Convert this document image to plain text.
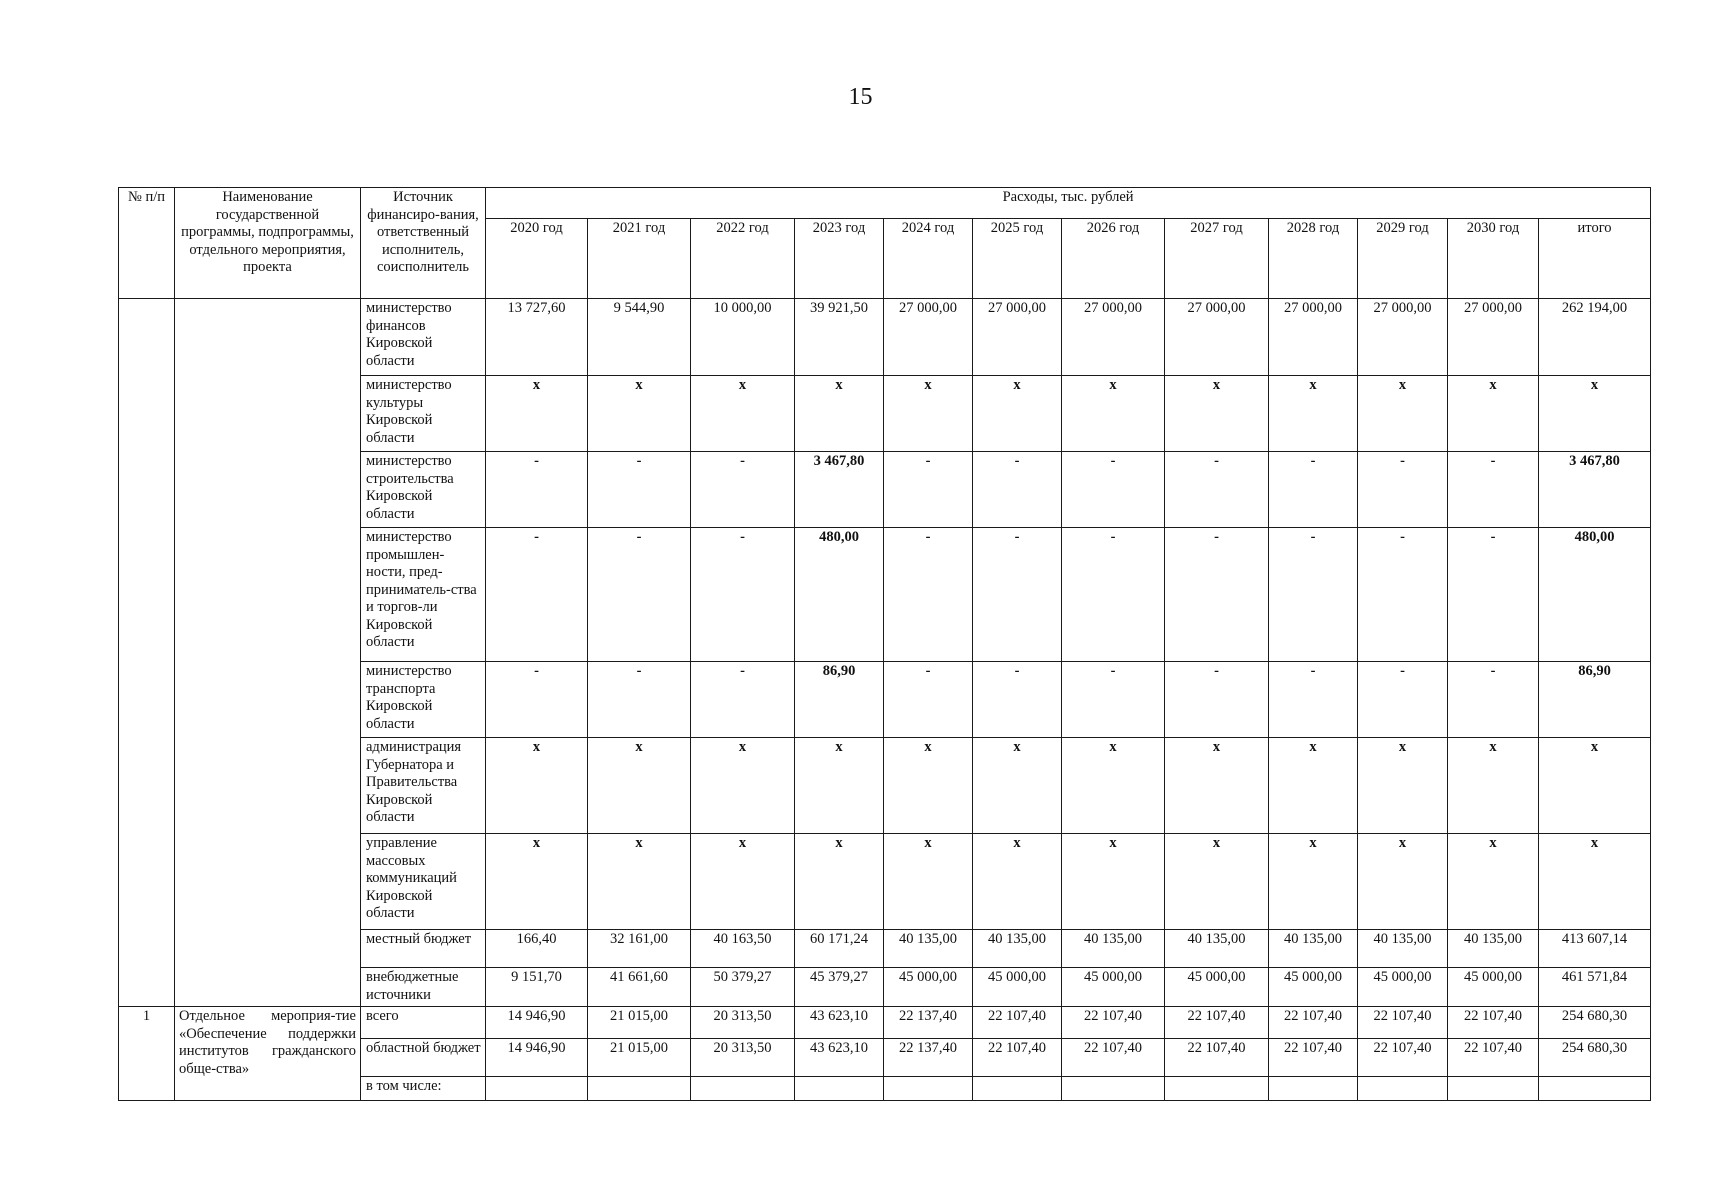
15
№ п/п	Наименование государственной программы, подпрограммы, отдельного мероприятия, проекта	Источник финансиро-вания, ответственный исполнитель, соисполнитель	Расходы, тыс. рублей											
			2020 год	2021 год	2022 год	2023 год	2024 год	2025 год	2026 год	2027 год	2028 год	2029 год	2030 год	итого
		министерство финансов Кировской области	13 727,60	9 544,90	10 000,00	39 921,50	27 000,00	27 000,00	27 000,00	27 000,00	27 000,00	27 000,00	27 000,00	262 194,00
		министерство культуры Кировской области	х	х	х	х	х	х	х	х	х	х	х	х
		министерство строительства Кировской области	-	-	-	3 467,80	-	-	-	-	-	-	-	3 467,80
		министерство промышлен-ности, пред-приниматель-ства и торгов-ли Кировской области	-	-	-	480,00	-	-	-	-	-	-	-	480,00
		министерство транспорта Кировской области	-	-	-	86,90	-	-	-	-	-	-	-	86,90
		администрация Губернатора и Правительства Кировской области	х	х	х	х	х	х	х	х	х	х	х	х
		управление массовых коммуникаций Кировской области	х	х	х	х	х	х	х	х	х	х	х	х
		местный бюджет	166,40	32 161,00	40 163,50	60 171,24	40 135,00	40 135,00	40 135,00	40 135,00	40 135,00	40 135,00	40 135,00	413 607,14
		внебюджетные источники	9 151,70	41 661,60	50 379,27	45 379,27	45 000,00	45 000,00	45 000,00	45 000,00	45 000,00	45 000,00	45 000,00	461 571,84
1	Отдельное мероприя-тие «Обеспечение поддержки институтов гражданского обще-ства»	всего	14 946,90	21 015,00	20 313,50	43 623,10	22 137,40	22 107,40	22 107,40	22 107,40	22 107,40	22 107,40	22 107,40	254 680,30
		областной бюджет	14 946,90	21 015,00	20 313,50	43 623,10	22 137,40	22 107,40	22 107,40	22 107,40	22 107,40	22 107,40	22 107,40	254 680,30
		в том числе:												
